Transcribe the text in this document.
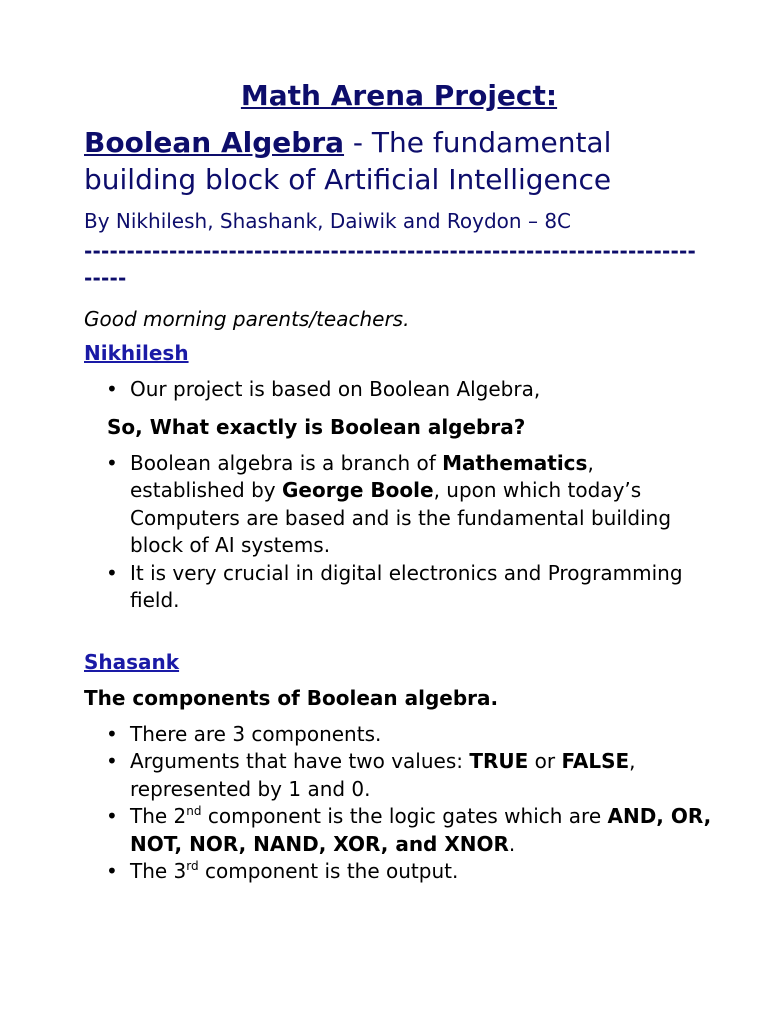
Math Arena Project:

Boolean Algebra - The fundamental building block of Artificial Intelligence

By Nikhilesh, Shashank, Daiwik and Roydon – 8C

-----------------------------------------------------------------------------

Good morning parents/teachers.

Nikhilesh

• Our project is based on Boolean Algebra,

So, What exactly is Boolean algebra?

• Boolean algebra is a branch of Mathematics, established by George Boole, upon which today’s Computers are based and is the fundamental building block of AI systems.
• It is very crucial in digital electronics and Programming field.

Shasank

The components of Boolean algebra.

• There are 3 components.
• Arguments that have two values: TRUE or FALSE, represented by 1 and 0.
• The 2nd component is the logic gates which are AND, OR, NOT, NOR, NAND, XOR, and XNOR.
• The 3rd component is the output.
